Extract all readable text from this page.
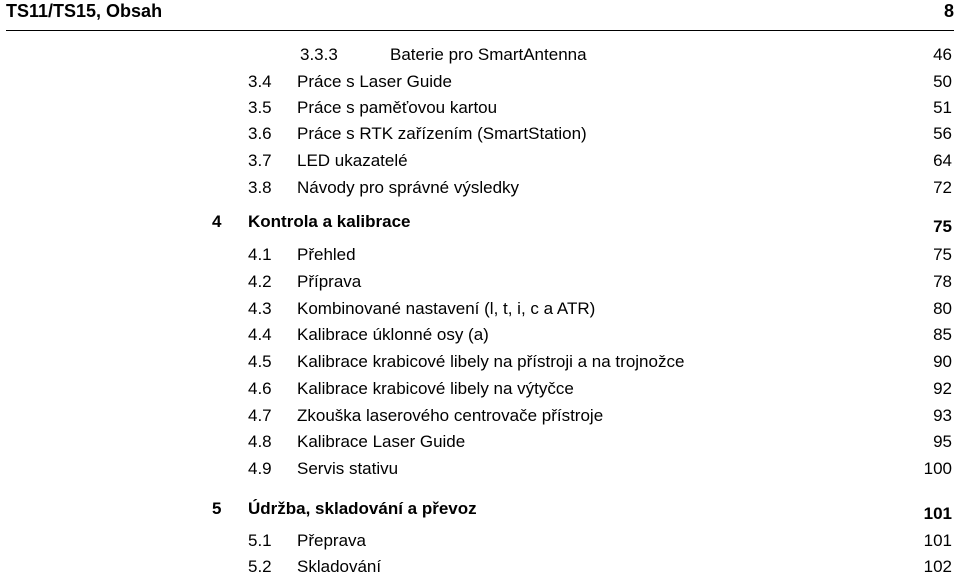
TS11/TS15, Obsah	8
3.3.3	Baterie pro SmartAntenna	46
3.4 Práce s Laser Guide	50
3.5 Práce s paměťovou kartou	51
3.6 Práce s RTK zařízením (SmartStation)	56
3.7 LED ukazatelé	64
3.8 Návody pro správné výsledky	72
4 Kontrola a kalibrace	75
4.1 Přehled	75
4.2 Příprava	78
4.3 Kombinované nastavení (l, t, i, c a ATR)	80
4.4 Kalibrace úklonné osy (a)	85
4.5 Kalibrace krabicové libely na přístroji a na trojnožce	90
4.6 Kalibrace krabicové libely na výtyčce	92
4.7 Zkouška laserového centrovače přístroje	93
4.8 Kalibrace Laser Guide	95
4.9 Servis stativu	100
5 Údržba, skladování a převoz	101
5.1 Přeprava	101
5.2 Skladování	102
